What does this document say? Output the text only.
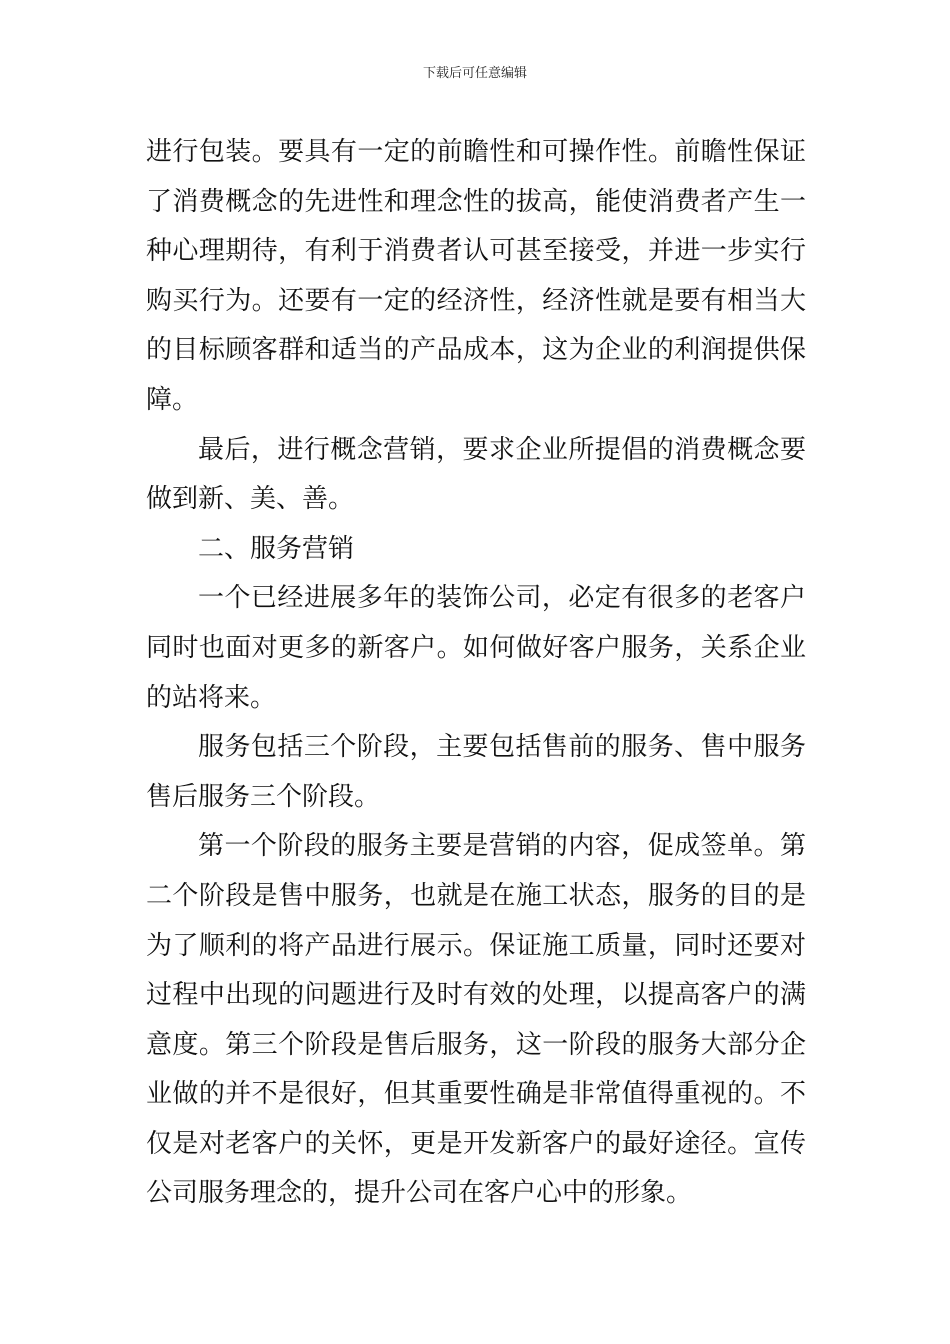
下载后可任意编辑

进行包装。要具有一定的前瞻性和可操作性。前瞻性保证了消费概念的先进性和理念性的拔高，能使消费者产生一种心理期待，有利于消费者认可甚至接受，并进一步实行购买行为。还要有一定的经济性，经济性就是要有相当大的目标顾客群和适当的产品成本，这为企业的利润提供保障。

最后，进行概念营销，要求企业所提倡的消费概念要做到新、美、善。

二、服务营销

一个已经进展多年的装饰公司，必定有很多的老客户同时也面对更多的新客户。如何做好客户服务，关系企业的站将来。

服务包括三个阶段，主要包括售前的服务、售中服务售后服务三个阶段。

第一个阶段的服务主要是营销的内容，促成签单。第二个阶段是售中服务，也就是在施工状态，服务的目的是为了顺利的将产品进行展示。保证施工质量，同时还要对过程中出现的问题进行及时有效的处理，以提高客户的满意度。第三个阶段是售后服务，这一阶段的服务大部分企业做的并不是很好，但其重要性确是非常值得重视的。不仅是对老客户的关怀，更是开发新客户的最好途径。宣传公司服务理念的，提升公司在客户心中的形象。
